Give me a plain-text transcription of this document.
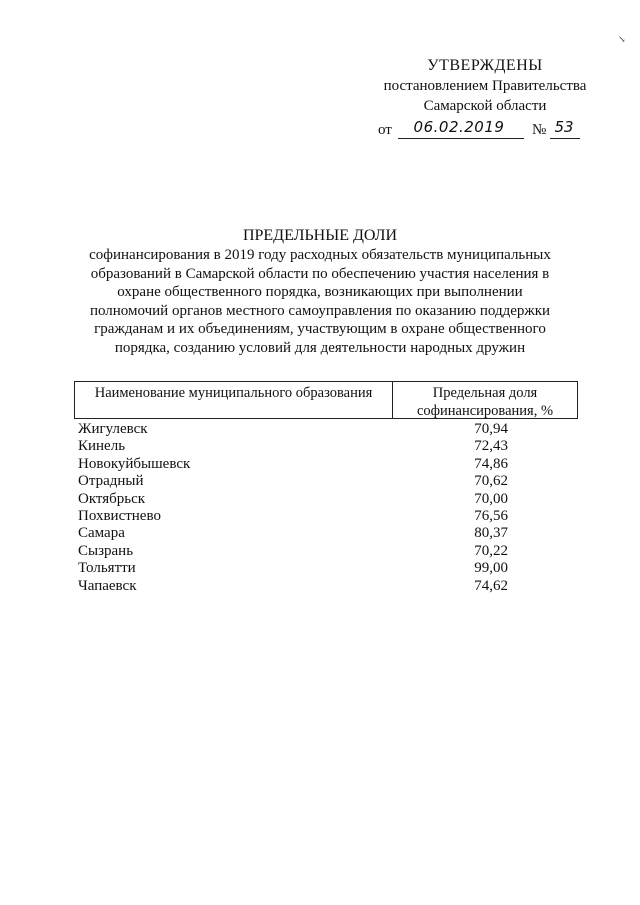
↘
УТВЕРЖДЕНЫ
постановлением Правительства
Самарской области
от	06.02.2019	№ 53
ПРЕДЕЛЬНЫЕ ДОЛИ

софинансирования в 2019 году расходных обязательств муниципальных

образований в Самарской области по обеспечению участия населения в

охране общественного порядка, возникающих при выполнении

полномочий органов местного самоуправления по оказанию поддержки

гражданам и их объединениям, участвующим в охране общественного

порядка, созданию условий для деятельности народных дружин

Наименование муниципального образования	Предельная доля
софинансирования, %
Жигулевск	70,94
Кинель	72,43
Новокуйбышевск	74,86
Отрадный	70,62
Октябрьск	70,00
Похвистнево	76,56
Самара	80,37
Сызрань	70,22
Тольятти	99,00
Чапаевск	74,62
